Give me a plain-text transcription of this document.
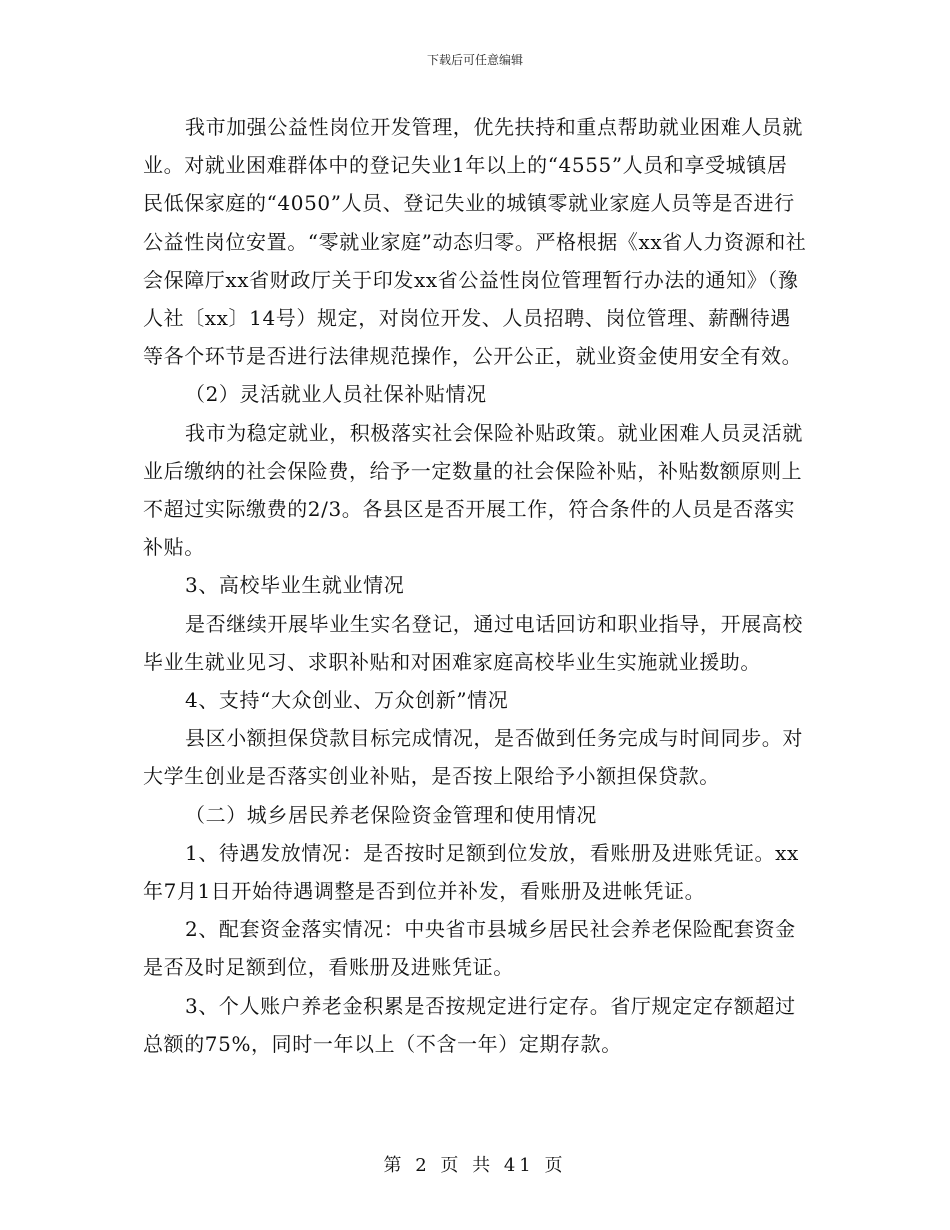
下载后可任意编辑

我市加强公益性岗位开发管理，优先扶持和重点帮助就业困难人员就业。对就业困难群体中的登记失业1年以上的“4555”人员和享受城镇居民低保家庭的“4050”人员、登记失业的城镇零就业家庭人员等是否进行公益性岗位安置。“零就业家庭”动态归零。严格根据《xx省人力资源和社会保障厅xx省财政厅关于印发xx省公益性岗位管理暂行办法的通知》（豫人社〔xx〕14号）规定，对岗位开发、人员招聘、岗位管理、薪酬待遇等各个环节是否进行法律规范操作，公开公正，就业资金使用安全有效。

（2）灵活就业人员社保补贴情况

我市为稳定就业，积极落实社会保险补贴政策。就业困难人员灵活就业后缴纳的社会保险费，给予一定数量的社会保险补贴，补贴数额原则上不超过实际缴费的2/3。各县区是否开展工作，符合条件的人员是否落实补贴。

3、高校毕业生就业情况

是否继续开展毕业生实名登记，通过电话回访和职业指导，开展高校毕业生就业见习、求职补贴和对困难家庭高校毕业生实施就业援助。

4、支持“大众创业、万众创新”情况

县区小额担保贷款目标完成情况，是否做到任务完成与时间同步。对大学生创业是否落实创业补贴，是否按上限给予小额担保贷款。

（二）城乡居民养老保险资金管理和使用情况

1、待遇发放情况：是否按时足额到位发放，看账册及进账凭证。xx年7月1日开始待遇调整是否到位并补发，看账册及进帐凭证。

2、配套资金落实情况：中央省市县城乡居民社会养老保险配套资金是否及时足额到位，看账册及进账凭证。

3、个人账户养老金积累是否按规定进行定存。省厅规定定存额超过总额的75%，同时一年以上（不含一年）定期存款。

第 2 页 共 41 页
